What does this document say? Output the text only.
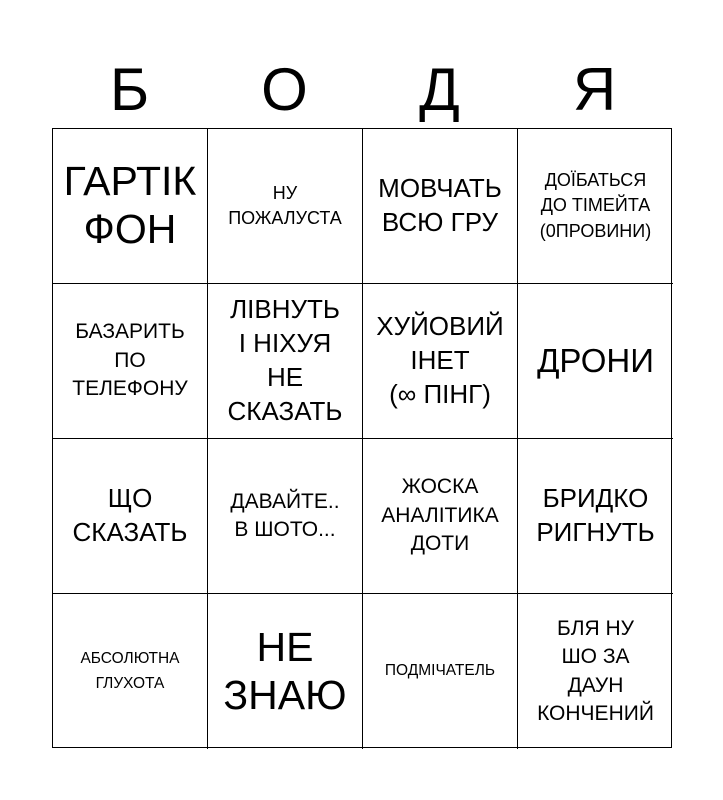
Б	О	Д	Я
ГАРТІК
ФОН
НУ
ПОЖАЛУСТА
МОВЧАТЬ
ВСЮ ГРУ
ДОЇБАТЬСЯ
ДО ТІМЕЙТА
(0ПРОВИНИ)
БАЗАРИТЬ
ПО
ТЕЛЕФОНУ
ЛІВНУТЬ
І НІХУЯ
НЕ
СКАЗАТЬ
ХУЙОВИЙ
ІНЕТ
(∞ ПІНГ)
ДРОНИ
ЩО
СКАЗАТЬ
ДАВАЙТЕ..
В ШОТО...
ЖОСКА
АНАЛІТИКА
ДОТИ
БРИДКО
РИГНУТЬ
АБСОЛЮТНА
ГЛУХОТА
НЕ
ЗНАЮ
ПОДМІЧАТЕЛЬ
БЛЯ НУ
ШО ЗА
ДАУН
КОНЧЕНИЙ
